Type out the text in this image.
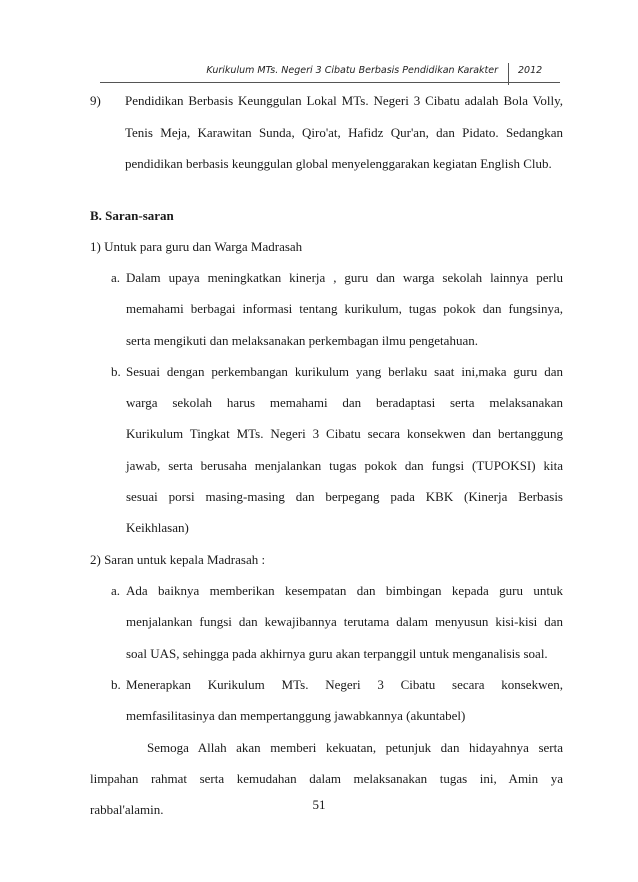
Kurikulum MTs. Negeri 3 Cibatu Berbasis Pendidikan Karakter 2012
9) Pendidikan Berbasis Keunggulan Lokal MTs. Negeri 3 Cibatu adalah Bola Volly,
Tenis Meja, Karawitan Sunda, Qiro'at, Hafidz Qur'an, dan Pidato. Sedangkan
pendidikan berbasis keunggulan global menyelenggarakan kegiatan English Club.
B. Saran-saran
1) Untuk para guru dan Warga Madrasah
a. Dalam upaya meningkatkan kinerja , guru dan warga sekolah lainnya perlu
memahami berbagai informasi tentang kurikulum, tugas pokok dan fungsinya,
serta mengikuti dan melaksanakan perkembagan ilmu pengetahuan.
b. Sesuai dengan perkembangan kurikulum yang berlaku saat ini,maka guru dan
warga sekolah harus memahami dan beradaptasi serta melaksanakan
Kurikulum Tingkat MTs. Negeri 3 Cibatu secara konsekwen dan bertanggung
jawab, serta berusaha menjalankan tugas pokok dan fungsi (TUPOKSI) kita
sesuai porsi masing-masing dan berpegang pada KBK (Kinerja Berbasis
Keikhlasan)
2) Saran untuk kepala Madrasah :
a. Ada baiknya memberikan kesempatan dan bimbingan kepada guru untuk
menjalankan fungsi dan kewajibannya terutama dalam menyusun kisi-kisi dan
soal UAS, sehingga pada akhirnya guru akan terpanggil untuk menganalisis soal.
b. Menerapkan Kurikulum MTs. Negeri 3 Cibatu secara konsekwen,
memfasilitasinya dan mempertanggung jawabkannya (akuntabel)
Semoga Allah akan memberi kekuatan, petunjuk dan hidayahnya serta
limpahan rahmat serta kemudahan dalam melaksanakan tugas ini, Amin ya
rabbal'alamin.	51
